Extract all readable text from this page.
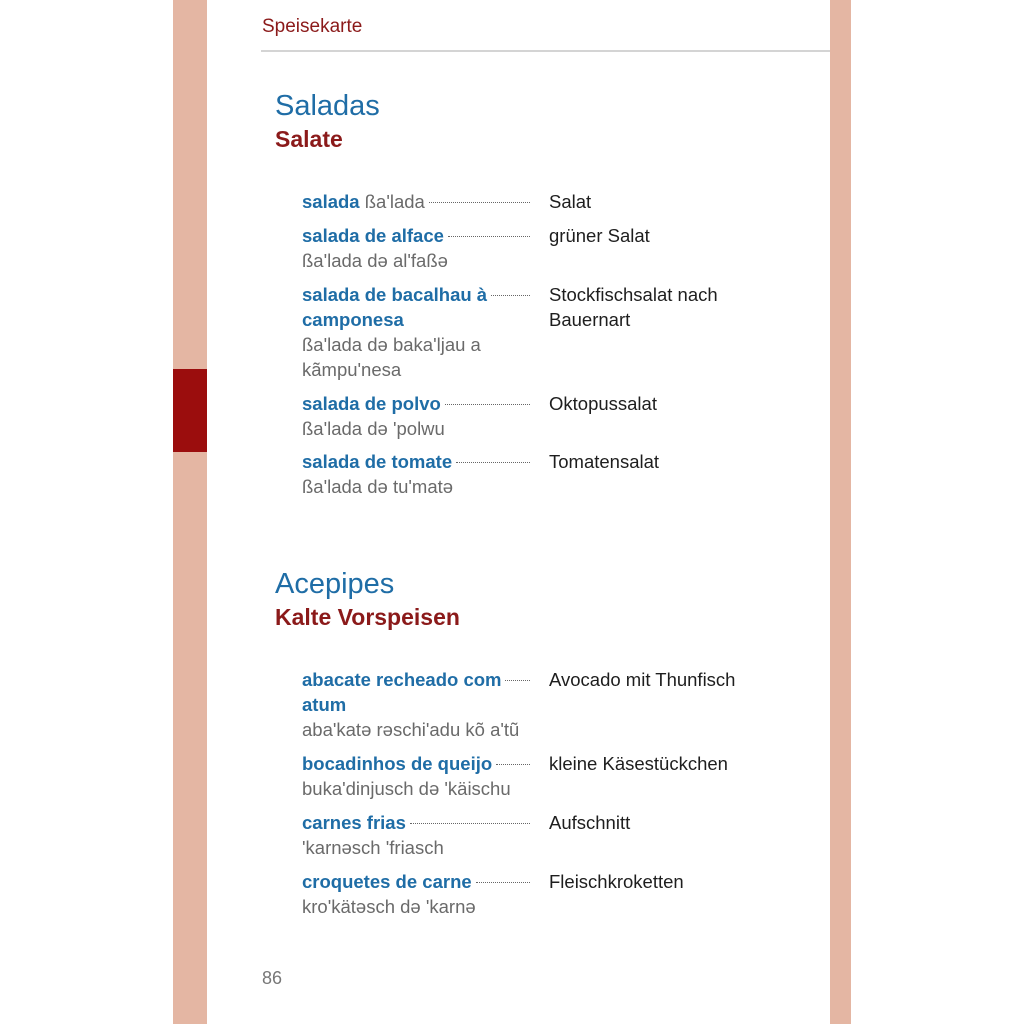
Speisekarte
Saladas
Salate
salada
ßa'lada	Salat
salada de alface
ßa'lada də al'faßə
grüner Salat
salada de bacalhau à
camponesa
ßa'lada də baka'ljau a
kãmpu'nesa
Stockfischsalat nach
Bauernart
salada de polvo
ßa'lada də 'polwu
Oktopussalat
salada de tomate
ßa'lada də tu'matə
Tomatensalat
Acepipes
Kalte Vorspeisen
abacate recheado com
atum
aba'katə rəschi'adu kõ a'tũ
Avocado mit Thunfisch
bocadinhos de queijo
buka'dinjusch də 'käischu
kleine Käsestückchen
carnes frias
'karnəsch 'friasch
Aufschnitt
croquetes de carne
kro'kätəsch də 'karnə
Fleischkroketten
86
